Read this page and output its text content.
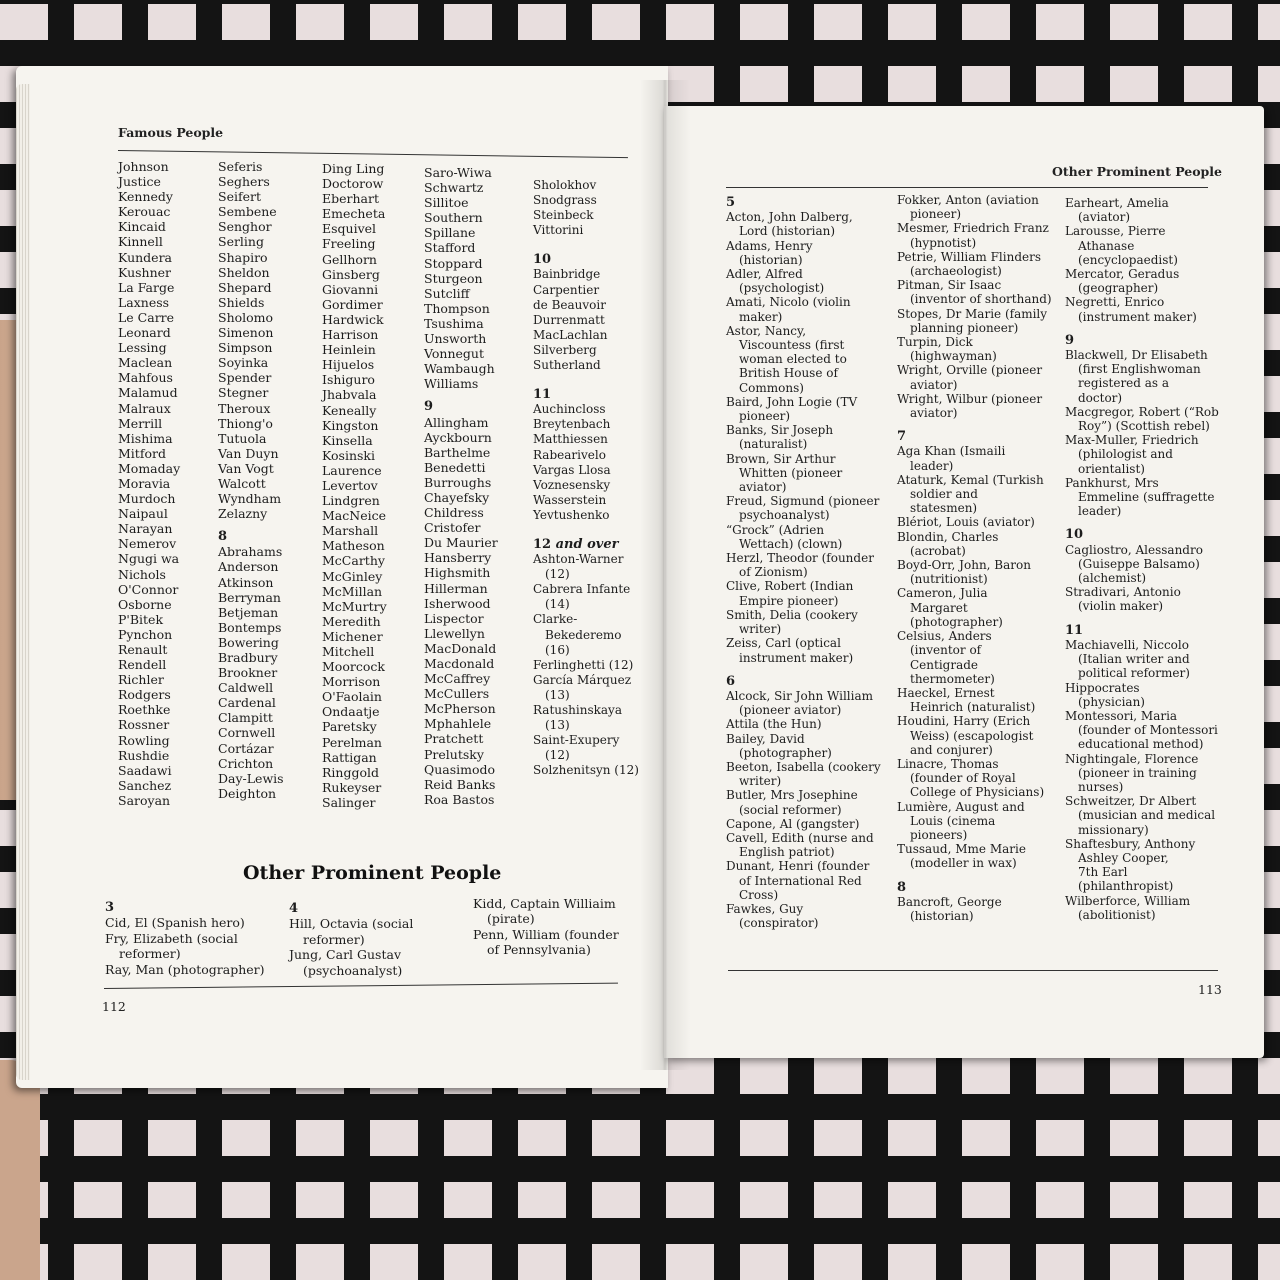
Famous People
Johnson
Justice
Kennedy
Kerouac
Kincaid
Kinnell
Kundera
Kushner
La Farge
Laxness
Le Carre
Leonard
Lessing
Maclean
Mahfous
Malamud
Malraux
Merrill
Mishima
Mitford
Momaday
Moravia
Murdoch
Naipaul
Narayan
Nemerov
Ngugi wa
Nichols
O'Connor
Osborne
P'Bitek
Pynchon
Renault
Rendell
Richler
Rodgers
Roethke
Rossner
Rowling
Rushdie
Saadawi
Sanchez
Saroyan
Seferis
Seghers
Seifert
Sembene
Senghor
Serling
Shapiro
Sheldon
Shepard
Shields
Sholomo
Simenon
Simpson
Soyinka
Spender
Stegner
Theroux
Thiong'o
Tutuola
Van Duyn
Van Vogt
Walcott
Wyndham
Zelazny
8
Abrahams
Anderson
Atkinson
Berryman
Betjeman
Bontemps
Bowering
Bradbury
Brookner
Caldwell
Cardenal
Clampitt
Cornwell
Cortázar
Crichton
Day-Lewis
Deighton
Ding Ling
Doctorow
Eberhart
Emecheta
Esquivel
Freeling
Gellhorn
Ginsberg
Giovanni
Gordimer
Hardwick
Harrison
Heinlein
Hijuelos
Ishiguro
Jhabvala
Keneally
Kingston
Kinsella
Kosinski
Laurence
Levertov
Lindgren
MacNeice
Marshall
Matheson
McCarthy
McGinley
McMillan
McMurtry
Meredith
Michener
Mitchell
Moorcock
Morrison
O'Faolain
Ondaatje
Paretsky
Perelman
Rattigan
Ringgold
Rukeyser
Salinger
Saro-Wiwa
Schwartz
Sillitoe
Southern
Spillane
Stafford
Stoppard
Sturgeon
Sutcliff
Thompson
Tsushima
Unsworth
Vonnegut
Wambaugh
Williams
9
Allingham
Ayckbourn
Barthelme
Benedetti
Burroughs
Chayefsky
Childress
Cristofer
Du Maurier
Hansberry
Highsmith
Hillerman
Isherwood
Lispector
Llewellyn
MacDonald
Macdonald
McCaffrey
McCullers
McPherson
Mphahlele
Pratchett
Prelutsky
Quasimodo
Reid Banks
Roa Bastos
Sholokhov
Snodgrass
Steinbeck
Vittorini
10
Bainbridge
Carpentier
de Beauvoir
Durrenmatt
MacLachlan
Silverberg
Sutherland
11
Auchincloss
Breytenbach
Matthiessen
Rabearivelo
Vargas Llosa
Voznesensky
Wasserstein
Yevtushenko
12 and over
Ashton-Warner
(12)
Cabrera Infante
(14)
Clarke-
Bekederemo
(16)
Ferlinghetti (12)
García Márquez
(13)
Ratushinskaya
(13)
Saint-Exupery
(12)
Solzhenitsyn (12)
Other Prominent People
3
Cid, El (Spanish hero)
Fry, Elizabeth (social
reformer)
Ray, Man (photographer)
4
Hill, Octavia (social
reformer)
Jung, Carl Gustav
(psychoanalyst)
Kidd, Captain Williaim
(pirate)
Penn, William (founder
of Pennsylvania)
112
Other Prominent People
5
Acton, John Dalberg,
Lord (historian)
Adams, Henry
(historian)
Adler, Alfred
(psychologist)
Amati, Nicolo (violin
maker)
Astor, Nancy,
Viscountess (first
woman elected to
British House of
Commons)
Baird, John Logie (TV
pioneer)
Banks, Sir Joseph
(naturalist)
Brown, Sir Arthur
Whitten (pioneer
aviator)
Freud, Sigmund (pioneer
psychoanalyst)
“Grock” (Adrien
Wettach) (clown)
Herzl, Theodor (founder
of Zionism)
Clive, Robert (Indian
Empire pioneer)
Smith, Delia (cookery
writer)
Zeiss, Carl (optical
instrument maker)
6
Alcock, Sir John William
(pioneer aviator)
Attila (the Hun)
Bailey, David
(photographer)
Beeton, Isabella (cookery
writer)
Butler, Mrs Josephine
(social reformer)
Capone, Al (gangster)
Cavell, Edith (nurse and
English patriot)
Dunant, Henri (founder
of International Red
Cross)
Fawkes, Guy
(conspirator)
Fokker, Anton (aviation
pioneer)
Mesmer, Friedrich Franz
(hypnotist)
Petrie, William Flinders
(archaeologist)
Pitman, Sir Isaac
(inventor of shorthand)
Stopes, Dr Marie (family
planning pioneer)
Turpin, Dick
(highwayman)
Wright, Orville (pioneer
aviator)
Wright, Wilbur (pioneer
aviator)
7
Aga Khan (Ismaili
leader)
Ataturk, Kemal (Turkish
soldier and
statesmen)
Blériot, Louis (aviator)
Blondin, Charles
(acrobat)
Boyd-Orr, John, Baron
(nutritionist)
Cameron, Julia
Margaret
(photographer)
Celsius, Anders
(inventor of
Centigrade
thermometer)
Haeckel, Ernest
Heinrich (naturalist)
Houdini, Harry (Erich
Weiss) (escapologist
and conjurer)
Linacre, Thomas
(founder of Royal
College of Physicians)
Lumière, August and
Louis (cinema
pioneers)
Tussaud, Mme Marie
(modeller in wax)
8
Bancroft, George
(historian)
Earheart, Amelia
(aviator)
Larousse, Pierre
Athanase
(encyclopaedist)
Mercator, Geradus
(geographer)
Negretti, Enrico
(instrument maker)
9
Blackwell, Dr Elisabeth
(first Englishwoman
registered as a
doctor)
Macgregor, Robert (“Rob
Roy”) (Scottish rebel)
Max-Muller, Friedrich
(philologist and
orientalist)
Pankhurst, Mrs
Emmeline (suffragette
leader)
10
Cagliostro, Alessandro
(Guiseppe Balsamo)
(alchemist)
Stradivari, Antonio
(violin maker)
11
Machiavelli, Niccolo
(Italian writer and
political reformer)
Hippocrates
(physician)
Montessori, Maria
(founder of Montessori
educational method)
Nightingale, Florence
(pioneer in training
nurses)
Schweitzer, Dr Albert
(musician and medical
missionary)
Shaftesbury, Anthony
Ashley Cooper,
7th Earl
(philanthropist)
Wilberforce, William
(abolitionist)
113
